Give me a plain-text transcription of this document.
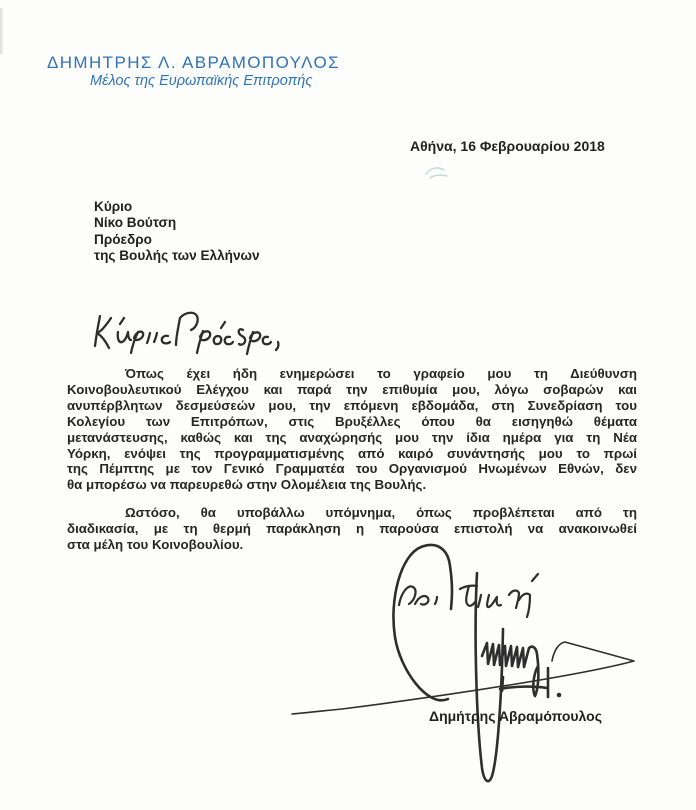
ΔΗΜΗΤΡΗΣ Λ. ΑΒΡΑΜΟΠΟΥΛΟΣ
Μέλος της Ευρωπαϊκής Επιτροπής
Αθήνα, 16 Φεβρουαρίου 2018
Κύριο
Νίκο Βούτση
Πρόεδρο
της Βουλής των Ελλήνων
Όπως έχει ήδη ενημερώσει το γραφείο μου τη Διεύθυνση
Κοινοβουλευτικού Ελέγχου και παρά την επιθυμία μου, λόγω σοβαρών και
ανυπέρβλητων δεσμεύσεών μου, την επόμενη εβδομάδα, στη Συνεδρίαση του
Κολεγίου των Επιτρόπων, στις Βρυξέλλες όπου θα εισηγηθώ θέματα
μετανάστευσης, καθώς και της αναχώρησής μου την ίδια ημέρα για τη Νέα
Υόρκη, ενόψει της προγραμματισμένης από καιρό συνάντησής μου το πρωί
της Πέμπτης με τον Γενικό Γραμματέα του Οργανισμού Ηνωμένων Εθνών, δεν
θα μπορέσω να παρευρεθώ στην Ολομέλεια της Βουλής.
Ωστόσο, θα υποβάλλω υπόμνημα, όπως προβλέπεται από τη
διαδικασία, με τη θερμή παράκληση η παρούσα επιστολή να ανακοινωθεί
στα μέλη του Κοινοβουλίου.
Δημήτρης Αβραμόπουλος
